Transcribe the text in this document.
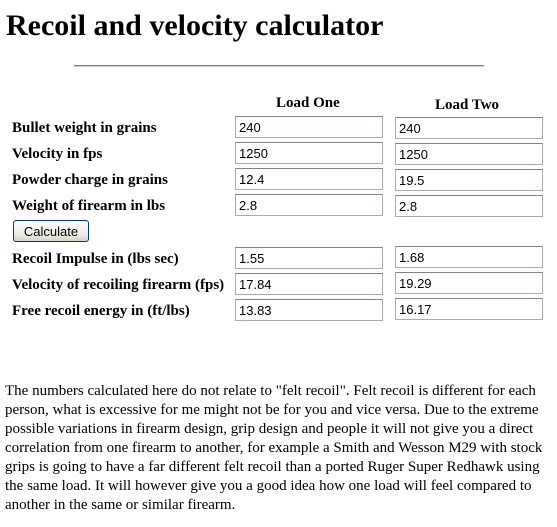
Recoil and velocity calculator
Load One	Load Two
Bullet weight in grains
240
240
Velocity in fps
1250
1250
Powder charge in grains
12.4
19.5
Weight of firearm in lbs
2.8
2.8
Calculate
Recoil Impulse in (lbs sec)
1.55
1.68
Velocity of recoiling firearm (fps)
17.84
19.29
Free recoil energy in (ft/lbs)
13.83
16.17

The numbers calculated here do not relate to "felt recoil". Felt recoil is different for each person, what is excessive for me might not be for you and vice versa. Due to the extreme possible variations in firearm design, grip design and people it will not give you a direct correlation from one firearm to another, for example a Smith and Wesson M29 with stock grips is going to have a far different felt recoil than a ported Ruger Super Redhawk using the same load. It will however give you a good idea how one load will feel compared to another in the same or similar firearm.
